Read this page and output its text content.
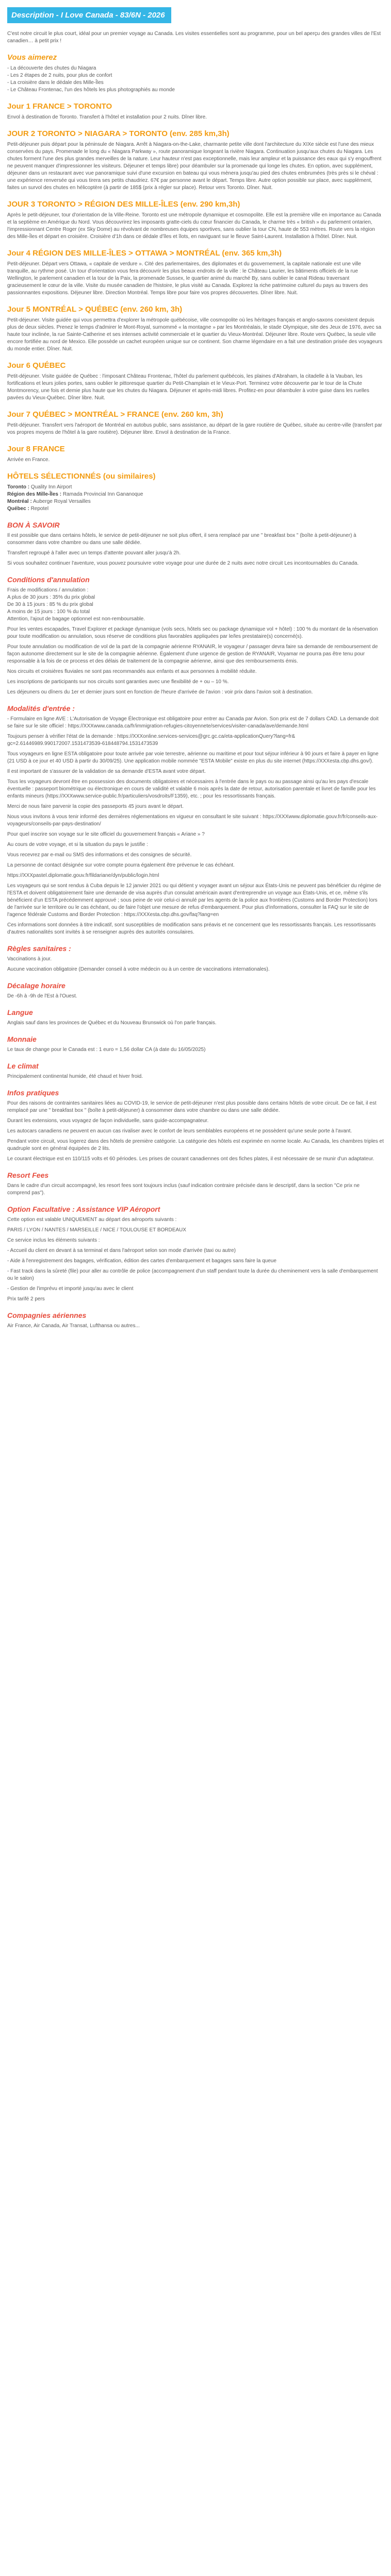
Description - I Love Canada - 83/6N - 2026

C'est notre circuit le plus court, idéal pour un premier voyage au Canada. Les visites essentielles sont au programme, pour un bel aperçu des grandes villes de l'Est canadien… à petit prix !

Vous aimerez
- La découverte des chutes du Niagara
- Les 2 étapes de 2 nuits, pour plus de confort
- La croisière dans le dédale des Mille-Îles
- Le Château Frontenac, l'un des hôtels les plus photographiés au monde
Jour 1 FRANCE > TORONTO

Envol à destination de Toronto. Transfert à l'hôtel et installation pour 2 nuits. Dîner libre.

JOUR 2 TORONTO > NIAGARA > TORONTO (env. 285 km,3h)

Petit-déjeuner puis départ pour la péninsule de Niagara. Arrêt à Niagara-on-the-Lake, charmante petite ville dont l'architecture du XIXe siècle est l'une des mieux conservées du pays. Promenade le long du « Niagara Parkway », route panoramique longeant la rivière Niagara. Continuation jusqu'aux chutes du Niagara. Les chutes forment l'une des plus grandes merveilles de la nature. Leur hauteur n'est pas exceptionnelle, mais leur ampleur et la puissance des eaux qui s'y engouffrent ne peuvent manquer d'impressionner les visiteurs. Déjeuner et temps libre) pour déambuler sur la promenade qui longe les chutes. En option, avec supplément, déjeuner dans un restaurant avec vue panoramique suivi d'une excursion en bateau qui vous mènera jusqu'au pied des chutes embrumées (très près si le chéval : une expérience renversée qui vous tirera ses petits chaudriez. 67€ par personne avant le départ. Temps libre. Autre option possible sur place, avec supplément, faites un survol des chutes en hélicoptère (à partir de 185$ (prix à régler sur place). Retour vers Toronto. Dîner. Nuit.

JOUR 3 TORONTO > RÉGION DES MILLE-ÎLES (env. 290 km,3h)

Après le petit-déjeuner, tour d'orientation de la Ville-Reine. Toronto est une métropole dynamique et cosmopolite. Elle est la première ville en importance au Canada et la septième en Amérique du Nord. Vous découvrirez les imposants gratte-ciels du cœur financier du Canada, le charme très « british » du parlement ontarien, l'impressionnant Centre Roger (ex Sky Dome) au révolvant de nombreuses équipes sportives, sans oublier la tour CN, haute de 553 mètres. Route vers la région des Mille-Îles et départ en croisière. Croisière d'1h dans ce dédale d'îles et îlots, en naviguant sur le fleuve Saint-Laurent. Installation à l'hôtel. Dîner. Nuit.

Jour 4 RÉGION DES MILLE-ÎLES > OTTAWA > MONTRÉAL (env. 365 km,3h)

Petit-déjeuner. Départ vers Ottawa, « capitale de verdure ». Cité des parlementaires, des diplomates et du gouvernement, la capitale nationale est une ville tranquille, au rythme posé. Un tour d'orientation vous fera découvrir les plus beaux endroits de la ville : le Château Laurier, les bâtiments officiels de la rue Wellington, le parlement canadien et la tour de la Paix, la promenade Sussex, le quartier animé du marché By, sans oublier le canal Rideau traversant gracieusement le cœur de la ville. Visite du musée canadien de l'histoire, le plus visité au Canada. Explorez la riche patrimoine culturel du pays au travers des passionnantes expositions. Déjeuner libre. Direction Montréal. Temps libre pour faire vos propres découvertes. Dîner libre. Nuit.

Jour 5 MONTRÉAL > QUÉBEC (env. 260 km, 3h)

Petit-déjeuner. Visite guidée qui vous permettra d'explorer la métropole québécoise, ville cosmopolite où les héritages français et anglo-saxons coexistent depuis plus de deux siècles. Prenez le temps d'admirer le Mont-Royal, surnommé « la montagne » par les Montréalais, le stade Olympique, site des Jeux de 1976, avec sa haute tour inclinée, la rue Sainte-Catherine et ses intenses activité commerciale et le quartier du Vieux-Montréal. Déjeuner libre. Route vers Québec, la seule ville encore fortifiée au nord de Mexico. Elle possède un cachet européen unique sur ce continent. Son charme légendaire en a fait une destination prisée des voyageurs du monde entier. Dîner. Nuit.

Jour 6 QUÉBEC

Petit-déjeuner. Visite guidée de Québec : l'imposant Château Frontenac, l'hôtel du parlement québécois, les plaines d'Abraham, la citadelle à la Vauban, les fortifications et leurs jolies portes, sans oublier le pittoresque quartier du Petit-Champlain et le Vieux-Port. Terminez votre découverte par le tour de la Chute Montmorency, une fois et demie plus haute que les chutes du Niagara. Déjeuner et après-midi libres. Profitez-en pour déambuler à votre guise dans les ruelles pavées du Vieux-Québec. Dîner libre. Nuit.

Jour 7 QUÉBEC > MONTRÉAL > FRANCE (env. 260 km, 3h)

Petit-déjeuner. Transfert vers l'aéroport de Montréal en autobus public, sans assistance, au départ de la gare routière de Québec, située au centre-ville (transfert par vos propres moyens de l'hôtel à la gare routière). Déjeuner libre. Envol à destination de la France.

Jour 8 FRANCE

Arrivée en France.

HÔTELS SÉLECTIONNÉS (ou similaires)
Toronto : Quality Inn Airport
Région des Mille-Îles : Ramada Provincial Inn Gananoque
Montréal : Auberge Royal Versailles
Québec : Repotel
BON À SAVOIR

Il est possible que dans certains hôtels, le service de petit-déjeuner ne soit plus offert, il sera remplacé par une " breakfast box " (boîte à petit-déjeuner) à consommer dans votre chambre ou dans une salle dédiée.

Transfert regroupé à l'aller avec un temps d'attente pouvant aller jusqu'à 2h.

Si vous souhaitez continuer l'aventure, vous pouvez poursuivre votre voyage pour une durée de 2 nuits avec notre circuit Les incontournables du Canada.

Conditions d'annulation
Frais de modifications / annulation :
A plus de 30 jours : 35% du prix global
De 30 à 15 jours : 85 % du prix global
A moins de 15 jours : 100 % du total
Attention, l'ajout de bagage optionnel est non-remboursable.

Pour les ventes escapades, Travel Explorer et package dynamique (vols secs, hôtels sec ou package dynamique vol + hôtel) : 100 % du montant de la réservation pour toute modification ou annulation, sous réserve de conditions plus favorables appliquées par le/les prestataire(s) concerné(s).

Pour toute annulation ou modification de vol de la part de la compagnie aérienne RYANAIR, le voyageur / passager devra faire sa demande de remboursement de façon autonome directement sur le site de la compagnie aérienne. Également d'une urgence de gestion de RYANAIR, Voyamar ne pourra pas être tenu pour responsable à la fois de ce process et des délais de traitement de la compagnie aérienne, ainsi que des remboursements émis.

Nos circuits et croisières fluviales ne sont pas recommandés aux enfants et aux personnes à mobilité réduite.

Les inscriptions de participants sur nos circuits sont garanties avec une flexibilité de + ou – 10 %.

Les déjeuners ou dîners du 1er et dernier jours sont en fonction de l'heure d'arrivée de l'avion : voir prix dans l'avion soit à destination.

Modalités d'entrée :

- Formulaire en ligne AVE : L'Autorisation de Voyage Électronique est obligatoire pour entrer au Canada par Avion. Son prix est de 7 dollars CAD. La demande doit se faire sur le site officiel : https://XXXwww.canada.ca/fr/immigration-refugies-citoyennete/services/visiter-canada/ave/demande.html

Toujours penser à vérifier l'état de la demande : https://XXXonline.services-services@grc.gc.ca/eta-applicationQuery?lang=fr& gc=2.61446989.990172007.1531473539-618448794.1531473539

Tous voyageurs en ligne ESTA obligatoire pour toute arrivée par voie terrestre, aérienne ou maritime et pour tout séjour inférieur à 90 jours et faire à payer en ligne (21 USD à ce jour et 40 USD à partir du 30/09/25). Une application mobile nommée "ESTA Mobile" existe en plus du site internet (https://XXXesta.cbp.dhs.gov/).

Il est important de s'assurer de la validation de sa demande d'ESTA avant votre départ.

Tous les voyageurs devront être en possession des documents obligatoires et nécessaires à l'entrée dans le pays ou au passage ainsi qu'au les pays d'escale éventuelle : passeport biométrique ou électronique en cours de validité et valable 6 mois après la date de retour, autorisation parentale et livret de famille pour les enfants mineurs (https://XXXwww.service-public.fr/particuliers/vosdroits/F1359), etc. ; pour les ressortissants français.

Merci de nous faire parvenir la copie des passeports 45 jours avant le départ.

Nous vous invitons à vous tenir informé des dernières réglementations en vigueur en consultant le site suivant : https://XXXwww.diplomatie.gouv.fr/fr/conseils-aux-voyageurs/conseils-par-pays-destination/

Pour quel inscrire son voyage sur le site officiel du gouvernement français « Ariane » ?

Au cours de votre voyage, et si la situation du pays le justifie :

Vous recevrez par e-mail ou SMS des informations et des consignes de sécurité.

La personne de contact désignée sur votre compte pourra également être prévenue le cas échéant.

https://XXXpastel.diplomatie.gouv.fr/fildariane/dyn/public/login.html

Les voyageurs qui se sont rendus à Cuba depuis le 12 janvier 2021 ou qui détient y voyager avant un séjour aux États-Unis ne peuvent pas bénéficier du régime de l'ESTA et doivent obligatoirement faire une demande de visa auprès d'un consulat américain avant d'entreprendre un voyage aux États-Unis, et ce, même s'ils bénéficient d'un ESTA précédemment approuvé ; sous peine de voir celui-ci annulé par les agents de la police aux frontières (Customs and Border Protection) lors de l'arrivée sur le territoire ou le cas échéant, ou de faire l'objet une mesure de refus d'embarquement. Pour plus d'informations, consulter la FAQ sur le site de l'agence fédérale Customs and Border Protection : https://XXXesta.cbp.dhs.gov/faq?lang=en

Ces informations sont données à titre indicatif, sont susceptibles de modification sans préavis et ne concernent que les ressortissants français. Les ressortissants d'autres nationalités sont invités à se renseigner auprès des autorités consulaires.

Règles sanitaires :

Vaccinations à jour.

Aucune vaccination obligatoire (Demander conseil à votre médecin ou à un centre de vaccinations internationales).

Décalage horaire

De -6h à -9h de l'Est à l'Ouest.

Langue

Anglais sauf dans les provinces de Québec et du Nouveau Brunswick où l'on parle français.

Monnaie

Le taux de change pour le Canada est : 1 euro = 1,56 dollar CA (à date du 16/05/2025)

Le climat

Principalement continental humide, été chaud et hiver froid.

Infos pratiques

Pour des raisons de contraintes sanitaires liées au COVID-19, le service de petit-déjeuner n'est plus possible dans certains hôtels de votre circuit. De ce fait, il est remplacé par une " breakfast box " (boîte à petit-déjeuner) à consommer dans votre chambre ou dans une salle dédiée.

Durant les extensions, vous voyagez de façon individuelle, sans guide-accompagnateur.

Les autocars canadiens ne peuvent en aucun cas rivaliser avec le confort de leurs semblables européens et ne possèdent qu'une seule porte à l'avant.

Pendant votre circuit, vous logerez dans des hôtels de première catégorie. La catégorie des hôtels est exprimée en norme locale. Au Canada, les chambres triples et quadruple sont en général équipées de 2 lits.

Le courant électrique est en 110/115 volts et 60 périodes. Les prises de courant canadiennes ont des fiches plates, il est nécessaire de se munir d'un adaptateur.

Resort Fees

Dans le cadre d'un circuit accompagné, les resort fees sont toujours inclus (sauf indication contraire précisée dans le descriptif, dans la section "Ce prix ne comprend pas").

Option Facultative : Assistance VIP Aéroport

Cette option est valable UNIQUEMENT au départ des aéroports suivants :

PARIS / LYON / NANTES / MARSEILLE / NICE / TOULOUSE ET BORDEAUX

Ce service inclus les éléments suivants :

- Accueil du client en devant à sa terminal et dans l'aéroport selon son mode d'arrivée (taxi ou autre)

- Aide à l'enregistrement des bagages, vérification, édition des cartes d'embarquement et bagages sans faire la queue

- Fast track dans la sûreté (file) pour aller au contrôle de police (accompagnement d'un staff pendant toute la durée du cheminement vers la salle d'embarquement ou le salon)

- Gestion de l'imprévu et importé jusqu'au avec le client

Prix tarifé 2 pers

Compagnies aériennes

Air France, Air Canada, Air Transat, Lufthansa ou autres...
